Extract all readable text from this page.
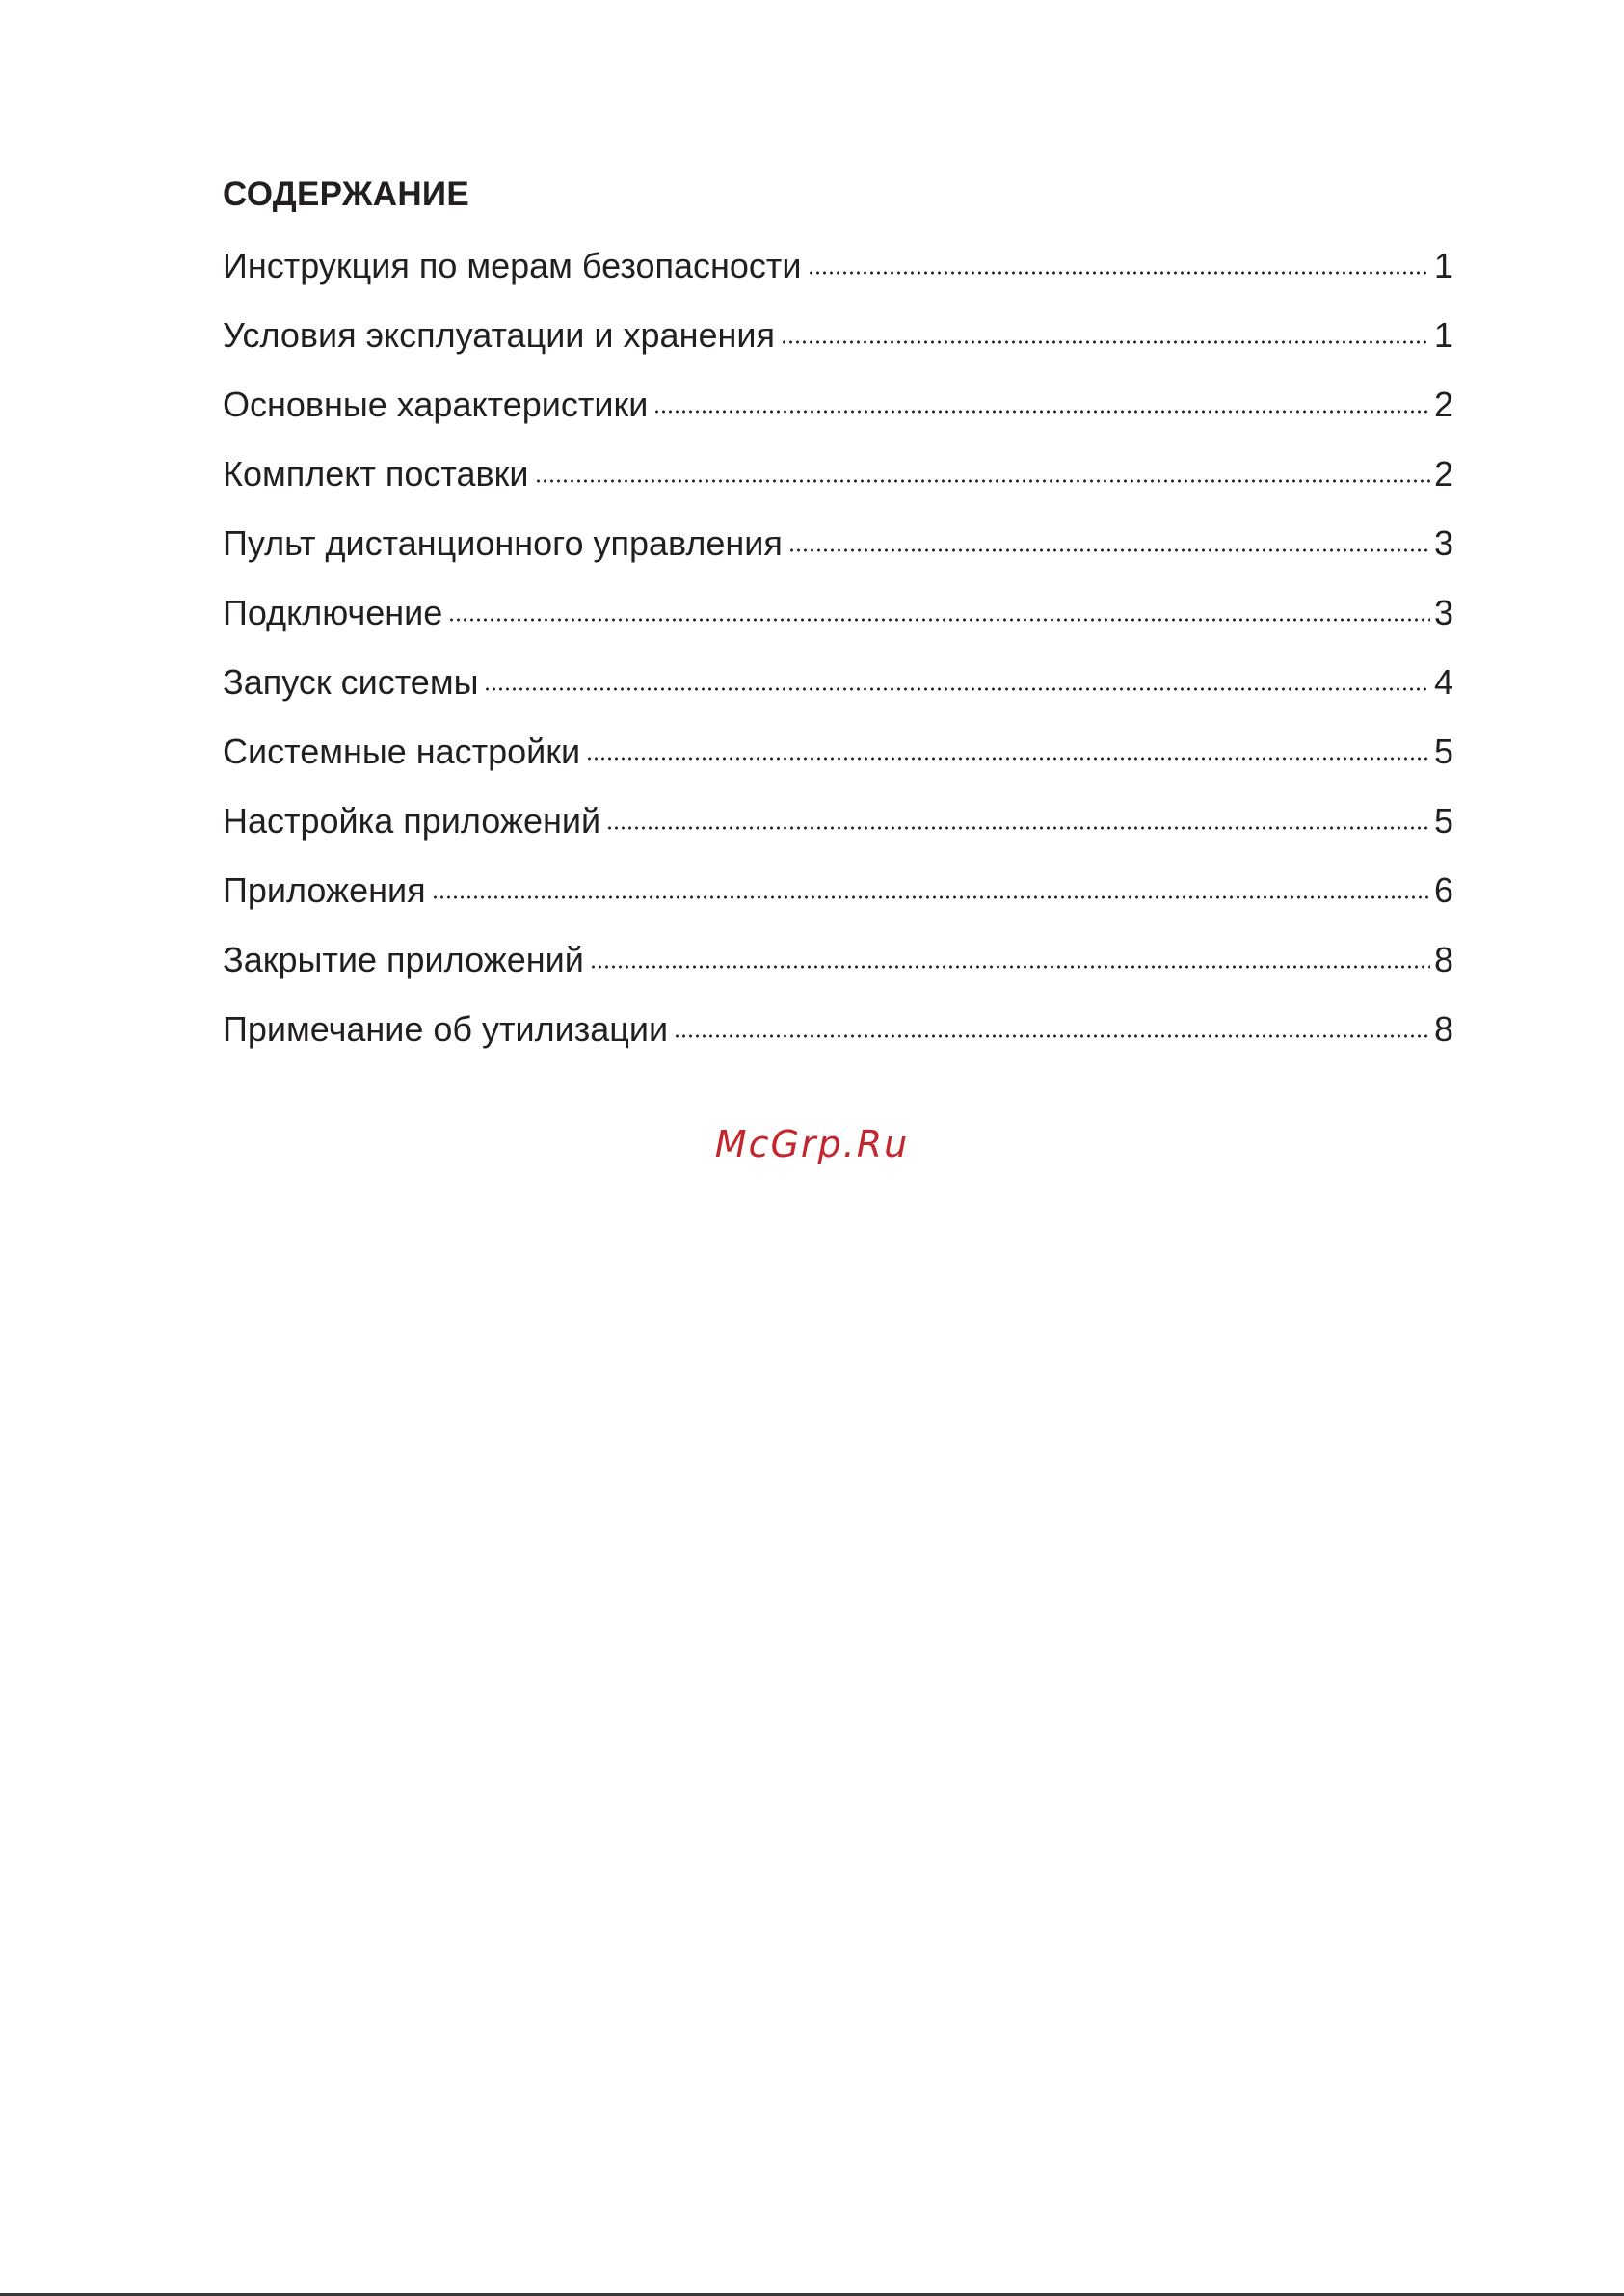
СОДЕРЖАНИЕ
Инструкция по мерам безопасности	1
Условия эксплуатации и хранения	1
Основные характеристики	2
Комплект поставки	2
Пульт дистанционного управления	3
Подключение	3
Запуск системы	4
Системные настройки	5
Настройка приложений	5
Приложения	6
Закрытие приложений	8
Примечание об утилизации	8
McGrp.Ru
